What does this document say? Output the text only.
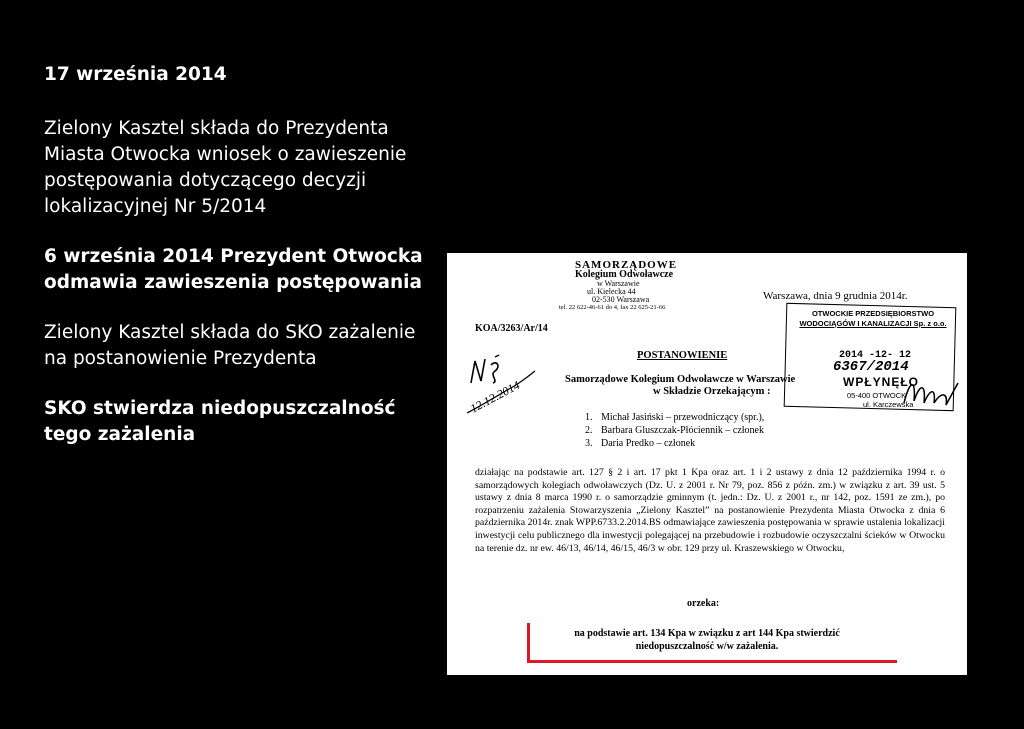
17 września 2014

Zielony Kasztel składa do Prezydenta Miasta Otwocka wniosek o zawieszenie postępowania dotyczącego decyzji lokalizacyjnej Nr 5/2014

6 września 2014 Prezydent Otwocka odmawia zawieszenia postępowania

Zielony Kasztel składa do SKO zażalenie na postanowienie Prezydenta

SKO stwierdza niedopuszczalność tego zażalenia

SAMORZĄDOWE
Kolegium Odwoławcze
w Warszawie
ul. Kielecka 44
02-530 Warszawa
tel. 22 622-46-61 do 4, fax 22 625-21-66
Warszawa, dnia 9 grudnia 2014r.
KOA/3263/Ar/14
OTWOCKIE PRZEDSIĘBIORSTWO
WODOCIĄGÓW I KANALIZACJI Sp. z o.o.
2014 -12- 12
6367/2014
WPŁYNĘŁO
05-400 OTWOCK
ul. Karczewska
12.12.2014
POSTANOWIENIE
Samorządowe Kolegium Odwoławcze w Warszawie
w Składzie Orzekającym :
1. Michał Jasiński – przewodniczący (spr.),
2. Barbara Gluszczak-Płóciennik – członek
3. Daria Predko – członek
działając na podstawie art. 127 § 2 i art. 17 pkt 1 Kpa oraz art. 1 i 2 ustawy z dnia 12 października 1994 r. o samorządowych kolegiach odwoławczych (Dz. U. z 2001 r. Nr 79, poz. 856 z późn. zm.) w związku z art. 39 ust. 5 ustawy z dnia 8 marca 1990 r. o samorządzie gminnym (t. jedn.: Dz. U. z 2001 r., nr 142, poz. 1591 ze zm.), po rozpatrzeniu zażalenia Stowarzyszenia „Zielony Kasztel” na postanowienie Prezydenta Miasta Otwocka z dnia 6 października 2014r. znak WPP.6733.2.2014.BS odmawiające zawieszenia postępowania w sprawie ustalenia lokalizacji inwestycji celu publicznego dla inwestycji polegającej na przebudowie i rozbudowie oczyszczalni ścieków w Otwocku na terenie dz. nr ew. 46/13, 46/14, 46/15, 46/3 w obr. 129 przy ul. Kraszewskiego w Otwocku,
orzeka:
na podstawie art. 134 Kpa w związku z art 144 Kpa stwierdzić
niedopuszczalność w/w zażalenia.
